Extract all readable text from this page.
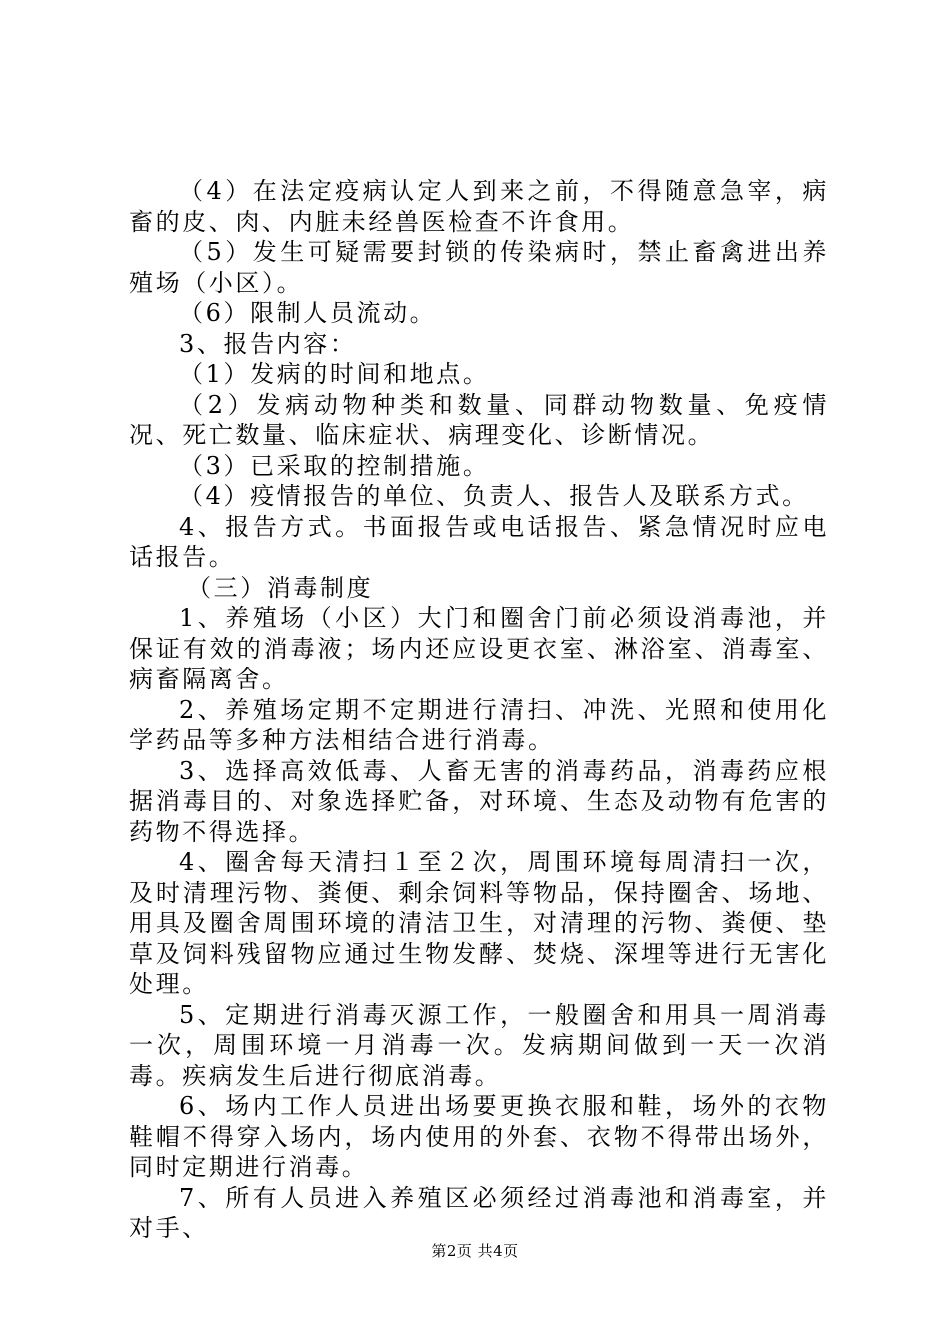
（4）在法定疫病认定人到来之前，不得随意急宰，病畜的皮、肉、内脏未经兽医检查不许食用。

（5）发生可疑需要封锁的传染病时，禁止畜禽进出养殖场（小区）。

（6）限制人员流动。

3、报告内容：

（1）发病的时间和地点。

（2）发病动物种类和数量、同群动物数量、免疫情况、死亡数量、临床症状、病理变化、诊断情况。

（3）已采取的控制措施。

（4）疫情报告的单位、负责人、报告人及联系方式。

4、报告方式。书面报告或电话报告、紧急情况时应电话报告。

（三）消毒制度

1、养殖场（小区）大门和圈舍门前必须设消毒池，并保证有效的消毒液；场内还应设更衣室、淋浴室、消毒室、病畜隔离舍。

2、养殖场定期不定期进行清扫、冲洗、光照和使用化学药品等多种方法相结合进行消毒。

3、选择高效低毒、人畜无害的消毒药品，消毒药应根据消毒目的、对象选择贮备，对环境、生态及动物有危害的药物不得选择。

4、圈舍每天清扫１至２次，周围环境每周清扫一次，及时清理污物、粪便、剩余饲料等物品，保持圈舍、场地、用具及圈舍周围环境的清洁卫生，对清理的污物、粪便、垫草及饲料残留物应通过生物发酵、焚烧、深埋等进行无害化处理。

5、定期进行消毒灭源工作，一般圈舍和用具一周消毒一次，周围环境一月消毒一次。发病期间做到一天一次消毒。疾病发生后进行彻底消毒。

6、场内工作人员进出场要更换衣服和鞋，场外的衣物鞋帽不得穿入场内，场内使用的外套、衣物不得带出场外，同时定期进行消毒。

7、所有人员进入养殖区必须经过消毒池和消毒室，并对手、

第2页 共4页
